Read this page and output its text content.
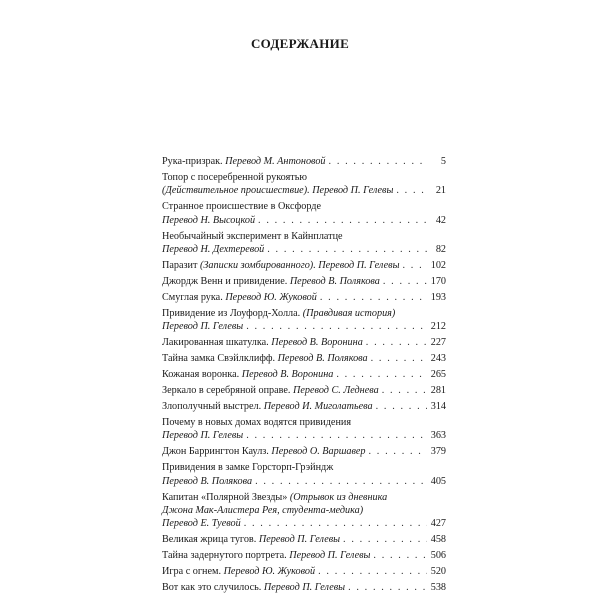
СОДЕРЖАНИЕ
Рука-призрак. Перевод М. Антоновой . . .	5
Топор с посеребренной рукоятью
(Действительное происшествие). Перевод П. Гелевы . . .	21
Странное происшествие в Оксфорде
Перевод Н. Высоцкой . . .	42
Необычайный эксперимент в Кайнплатце
Перевод Н. Дехтеревой . . .	82
Паразит (Записки зомбированного). Перевод П. Гелевы . . .	102
Джордж Венн и привидение. Перевод В. Полякова . . .	170
Смуглая рука. Перевод Ю. Жуковой . . .	193
Привидение из Лоуфорд-Холла. (Правдивая история)
Перевод П. Гелевы . . .	212
Лакированная шкатулка. Перевод В. Воронина . . .	227
Тайна замка Свэйлклифф. Перевод В. Полякова . . .	243
Кожаная воронка. Перевод В. Воронина . . .	265
Зеркало в серебряной оправе. Перевод С. Леднева . . .	281
Злополучный выстрел. Перевод И. Миголатьева . . .	314
Почему в новых домах водятся привидения
Перевод П. Гелевы . . .	363
Джон Баррингтон Каулз. Перевод О. Варшавер . . .	379
Привидения в замке Горсторп-Грэйндж
Перевод В. Полякова . . .	405
Капитан «Полярной Звезды» (Отрывок из дневника
Джона Мак-Алистера Рея, студента-медика)
Перевод Е. Туевой . . .	427
Великая жрица тугов. Перевод П. Гелевы . . .	458
Тайна задернутого портрета. Перевод П. Гелевы . . .	506
Игра с огнем. Перевод Ю. Жуковой . . .	520
Вот как это случилось. Перевод П. Гелевы . . .	538
